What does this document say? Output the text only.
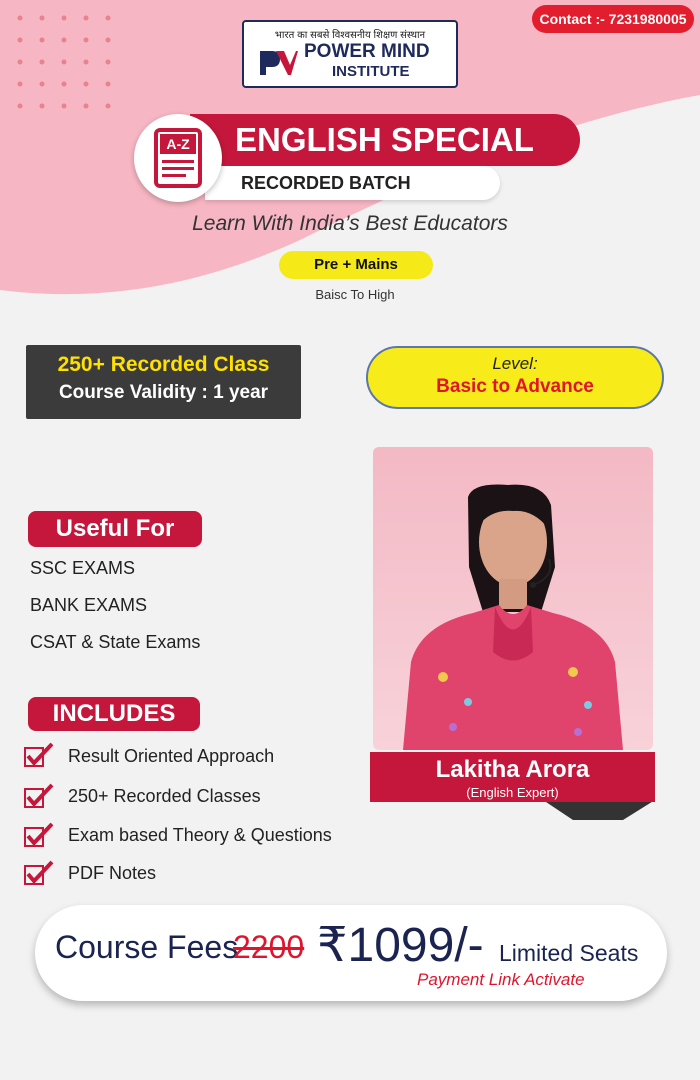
Contact :- 7231980005
भारत का सबसे विश्वसनीय शिक्षण संस्थान
POWER MIND
INSTITUTE
A-Z ENGLISH SPECIAL
RECORDED BATCH
Learn With India’s Best Educators
Pre + Mains
Baisc To High
250+ Recorded Class
Course Validity : 1 year
Level:
Basic to Advance
Lakitha Arora
(English Expert)
Useful For
SSC EXAMS
BANK EXAMS
CSAT & State Exams
INCLUDES
Result Oriented Approach
250+ Recorded Classes
Exam based Theory & Questions
PDF Notes
Course Fees
2200 ₹1099/- Limited Seats
Payment Link Activate
